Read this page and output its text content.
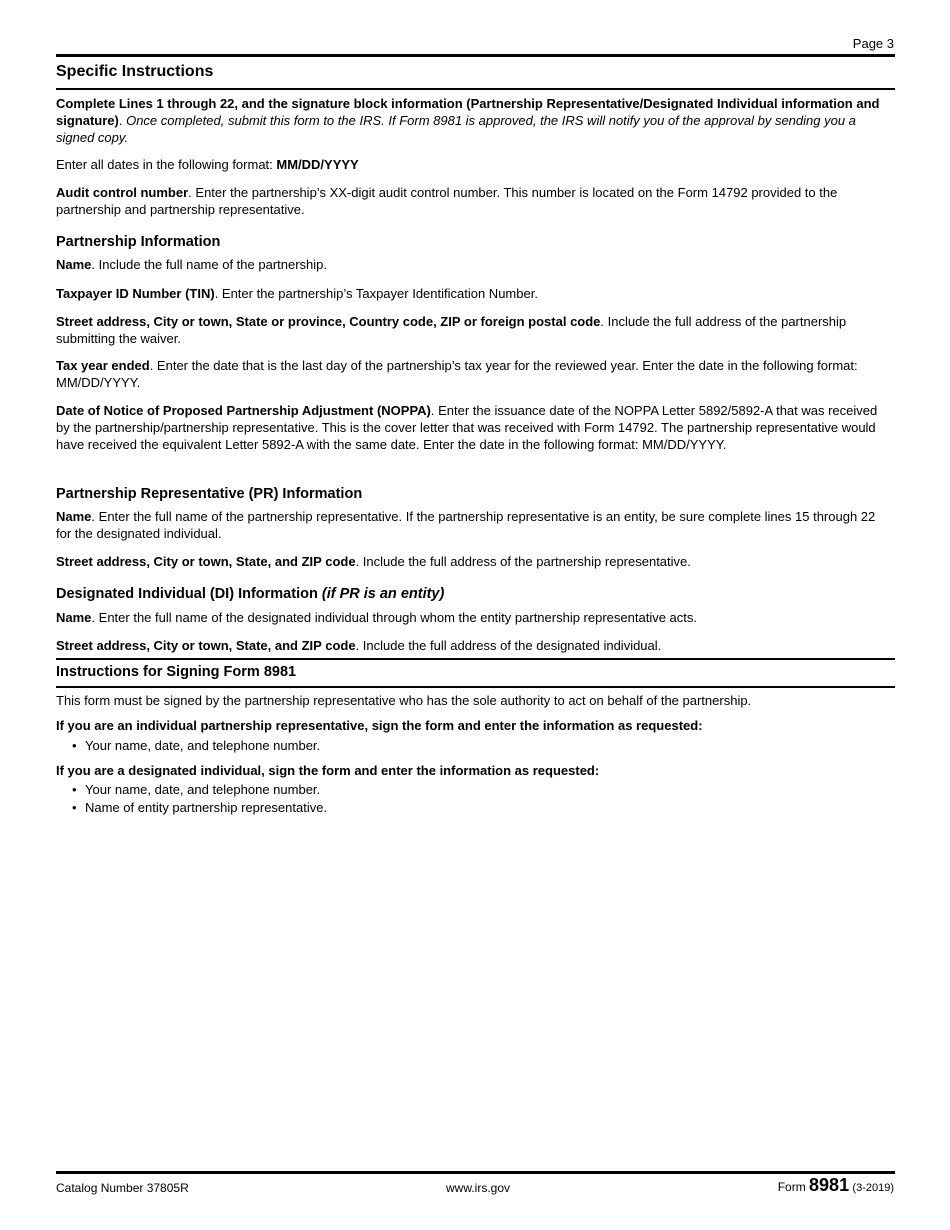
Page 3
Specific Instructions
Complete Lines 1 through 22, and the signature block information (Partnership Representative/Designated Individual information and signature). Once completed, submit this form to the IRS. If Form 8981 is approved, the IRS will notify you of the approval by sending you a signed copy.
Enter all dates in the following format: MM/DD/YYYY
Audit control number. Enter the partnership’s XX-digit audit control number. This number is located on the Form 14792 provided to the partnership and partnership representative.
Partnership Information
Name. Include the full name of the partnership.
Taxpayer ID Number (TIN). Enter the partnership’s Taxpayer Identification Number.
Street address, City or town, State or province, Country code, ZIP or foreign postal code. Include the full address of the partnership submitting the waiver.
Tax year ended. Enter the date that is the last day of the partnership’s tax year for the reviewed year. Enter the date in the following format: MM/DD/YYYY.
Date of Notice of Proposed Partnership Adjustment (NOPPA). Enter the issuance date of the NOPPA Letter 5892/5892-A that was received by the partnership/partnership representative. This is the cover letter that was received with Form 14792. The partnership representative would have received the equivalent Letter 5892-A with the same date. Enter the date in the following format: MM/DD/YYYY.
Partnership Representative (PR) Information
Name. Enter the full name of the partnership representative. If the partnership representative is an entity, be sure complete lines 15 through 22 for the designated individual.
Street address, City or town, State, and ZIP code. Include the full address of the partnership representative.
Designated Individual (DI) Information (if PR is an entity)
Name. Enter the full name of the designated individual through whom the entity partnership representative acts.
Street address, City or town, State, and ZIP code. Include the full address of the designated individual.
Instructions for Signing Form 8981
This form must be signed by the partnership representative who has the sole authority to act on behalf of the partnership.
If you are an individual partnership representative, sign the form and enter the information as requested:
• Your name, date, and telephone number.
If you are a designated individual, sign the form and enter the information as requested:
• Your name, date, and telephone number.
• Name of entity partnership representative.
Catalog Number 37805R	www.irs.gov	Form 8981 (3-2019)
